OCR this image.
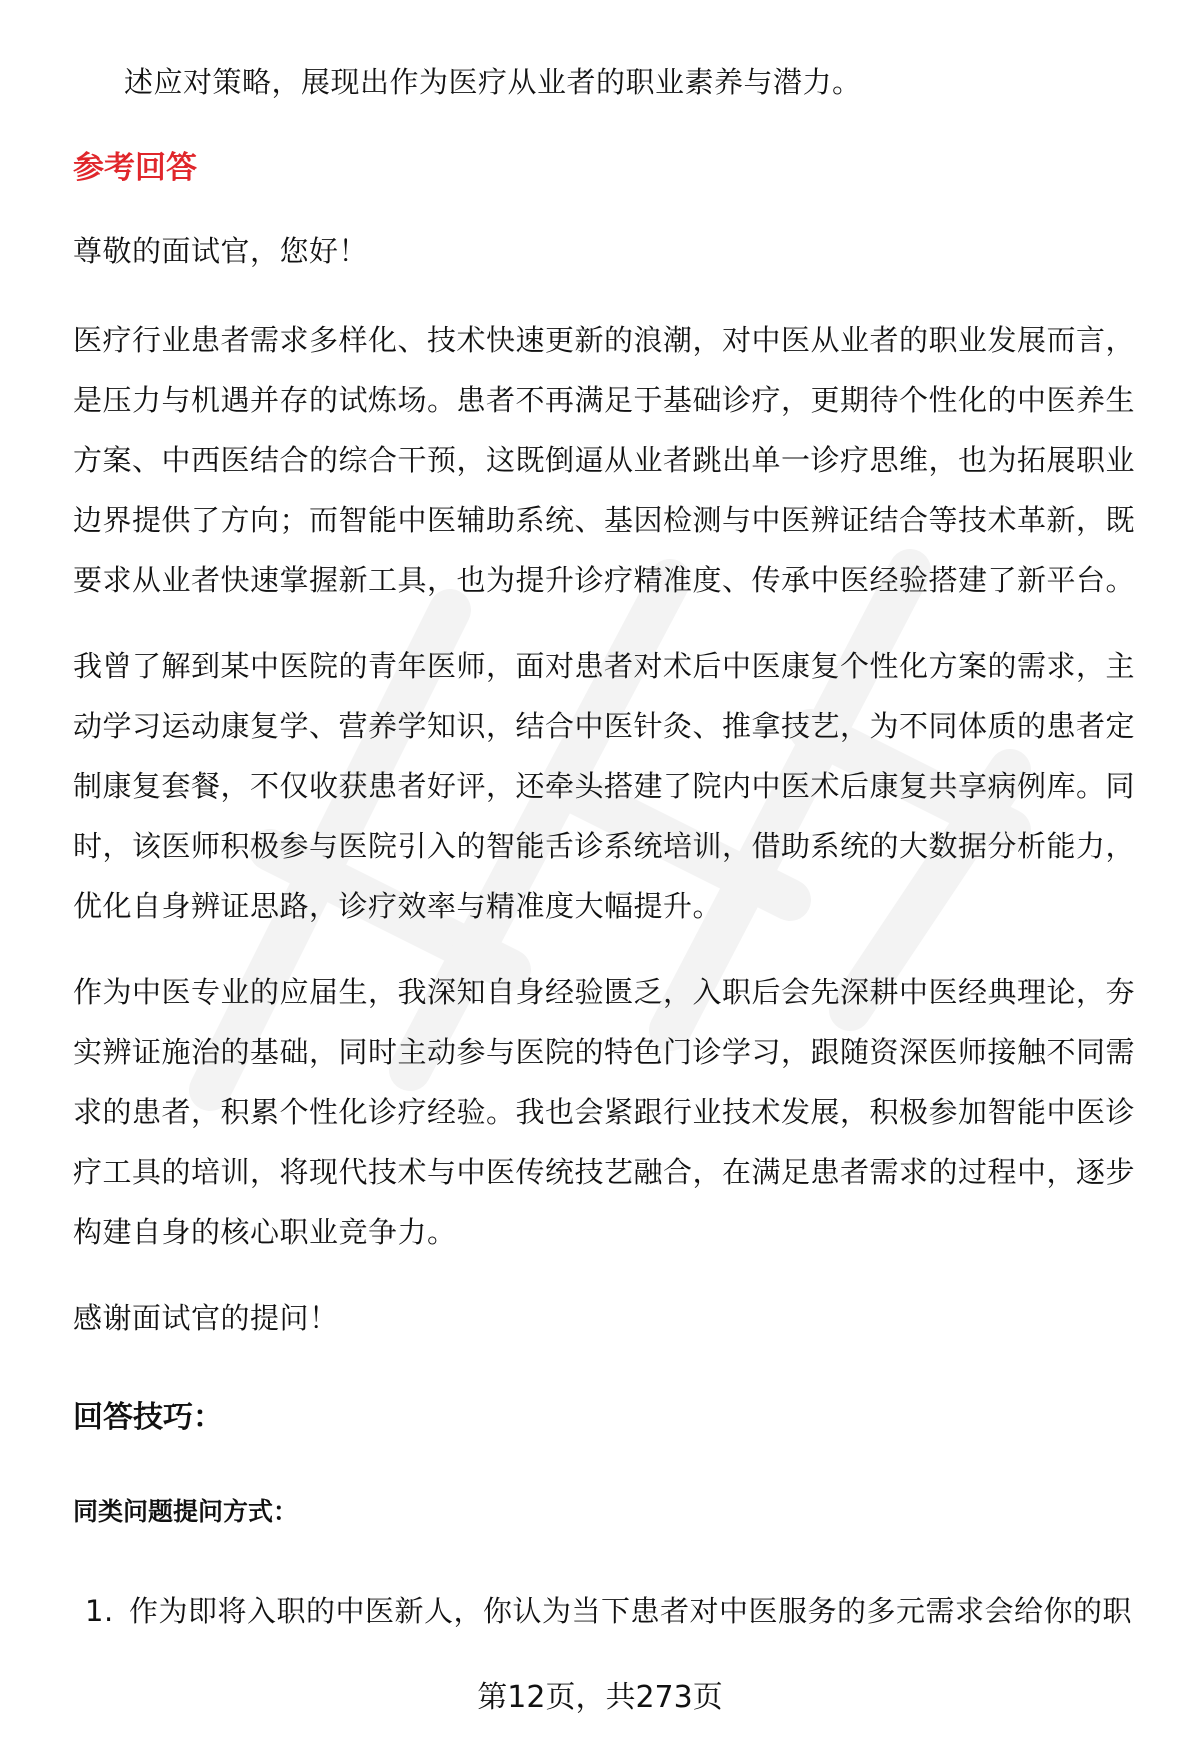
述应对策略，展现出作为医疗从业者的职业素养与潜力。

参考回答

尊敬的面试官，您好！

医疗行业患者需求多样化、技术快速更新的浪潮，对中医从业者的职业发展而言，是压力与机遇并存的试炼场。患者不再满足于基础诊疗，更期待个性化的中医养生方案、中西医结合的综合干预，这既倒逼从业者跳出单一诊疗思维，也为拓展职业边界提供了方向；而智能中医辅助系统、基因检测与中医辨证结合等技术革新，既要求从业者快速掌握新工具，也为提升诊疗精准度、传承中医经验搭建了新平台。

我曾了解到某中医院的青年医师，面对患者对术后中医康复个性化方案的需求，主动学习运动康复学、营养学知识，结合中医针灸、推拿技艺，为不同体质的患者定制康复套餐，不仅收获患者好评，还牵头搭建了院内中医术后康复共享病例库。同时，该医师积极参与医院引入的智能舌诊系统培训，借助系统的大数据分析能力，优化自身辨证思路，诊疗效率与精准度大幅提升。

作为中医专业的应届生，我深知自身经验匮乏，入职后会先深耕中医经典理论，夯实辨证施治的基础，同时主动参与医院的特色门诊学习，跟随资深医师接触不同需求的患者，积累个性化诊疗经验。我也会紧跟行业技术发展，积极参加智能中医诊疗工具的培训，将现代技术与中医传统技艺融合，在满足患者需求的过程中，逐步构建自身的核心职业竞争力。

感谢面试官的提问！

回答技巧：
同类问题提问方式：
1. 作为即将入职的中医新人，你认为当下患者对中医服务的多元需求会给你的职

第12页，共273页
